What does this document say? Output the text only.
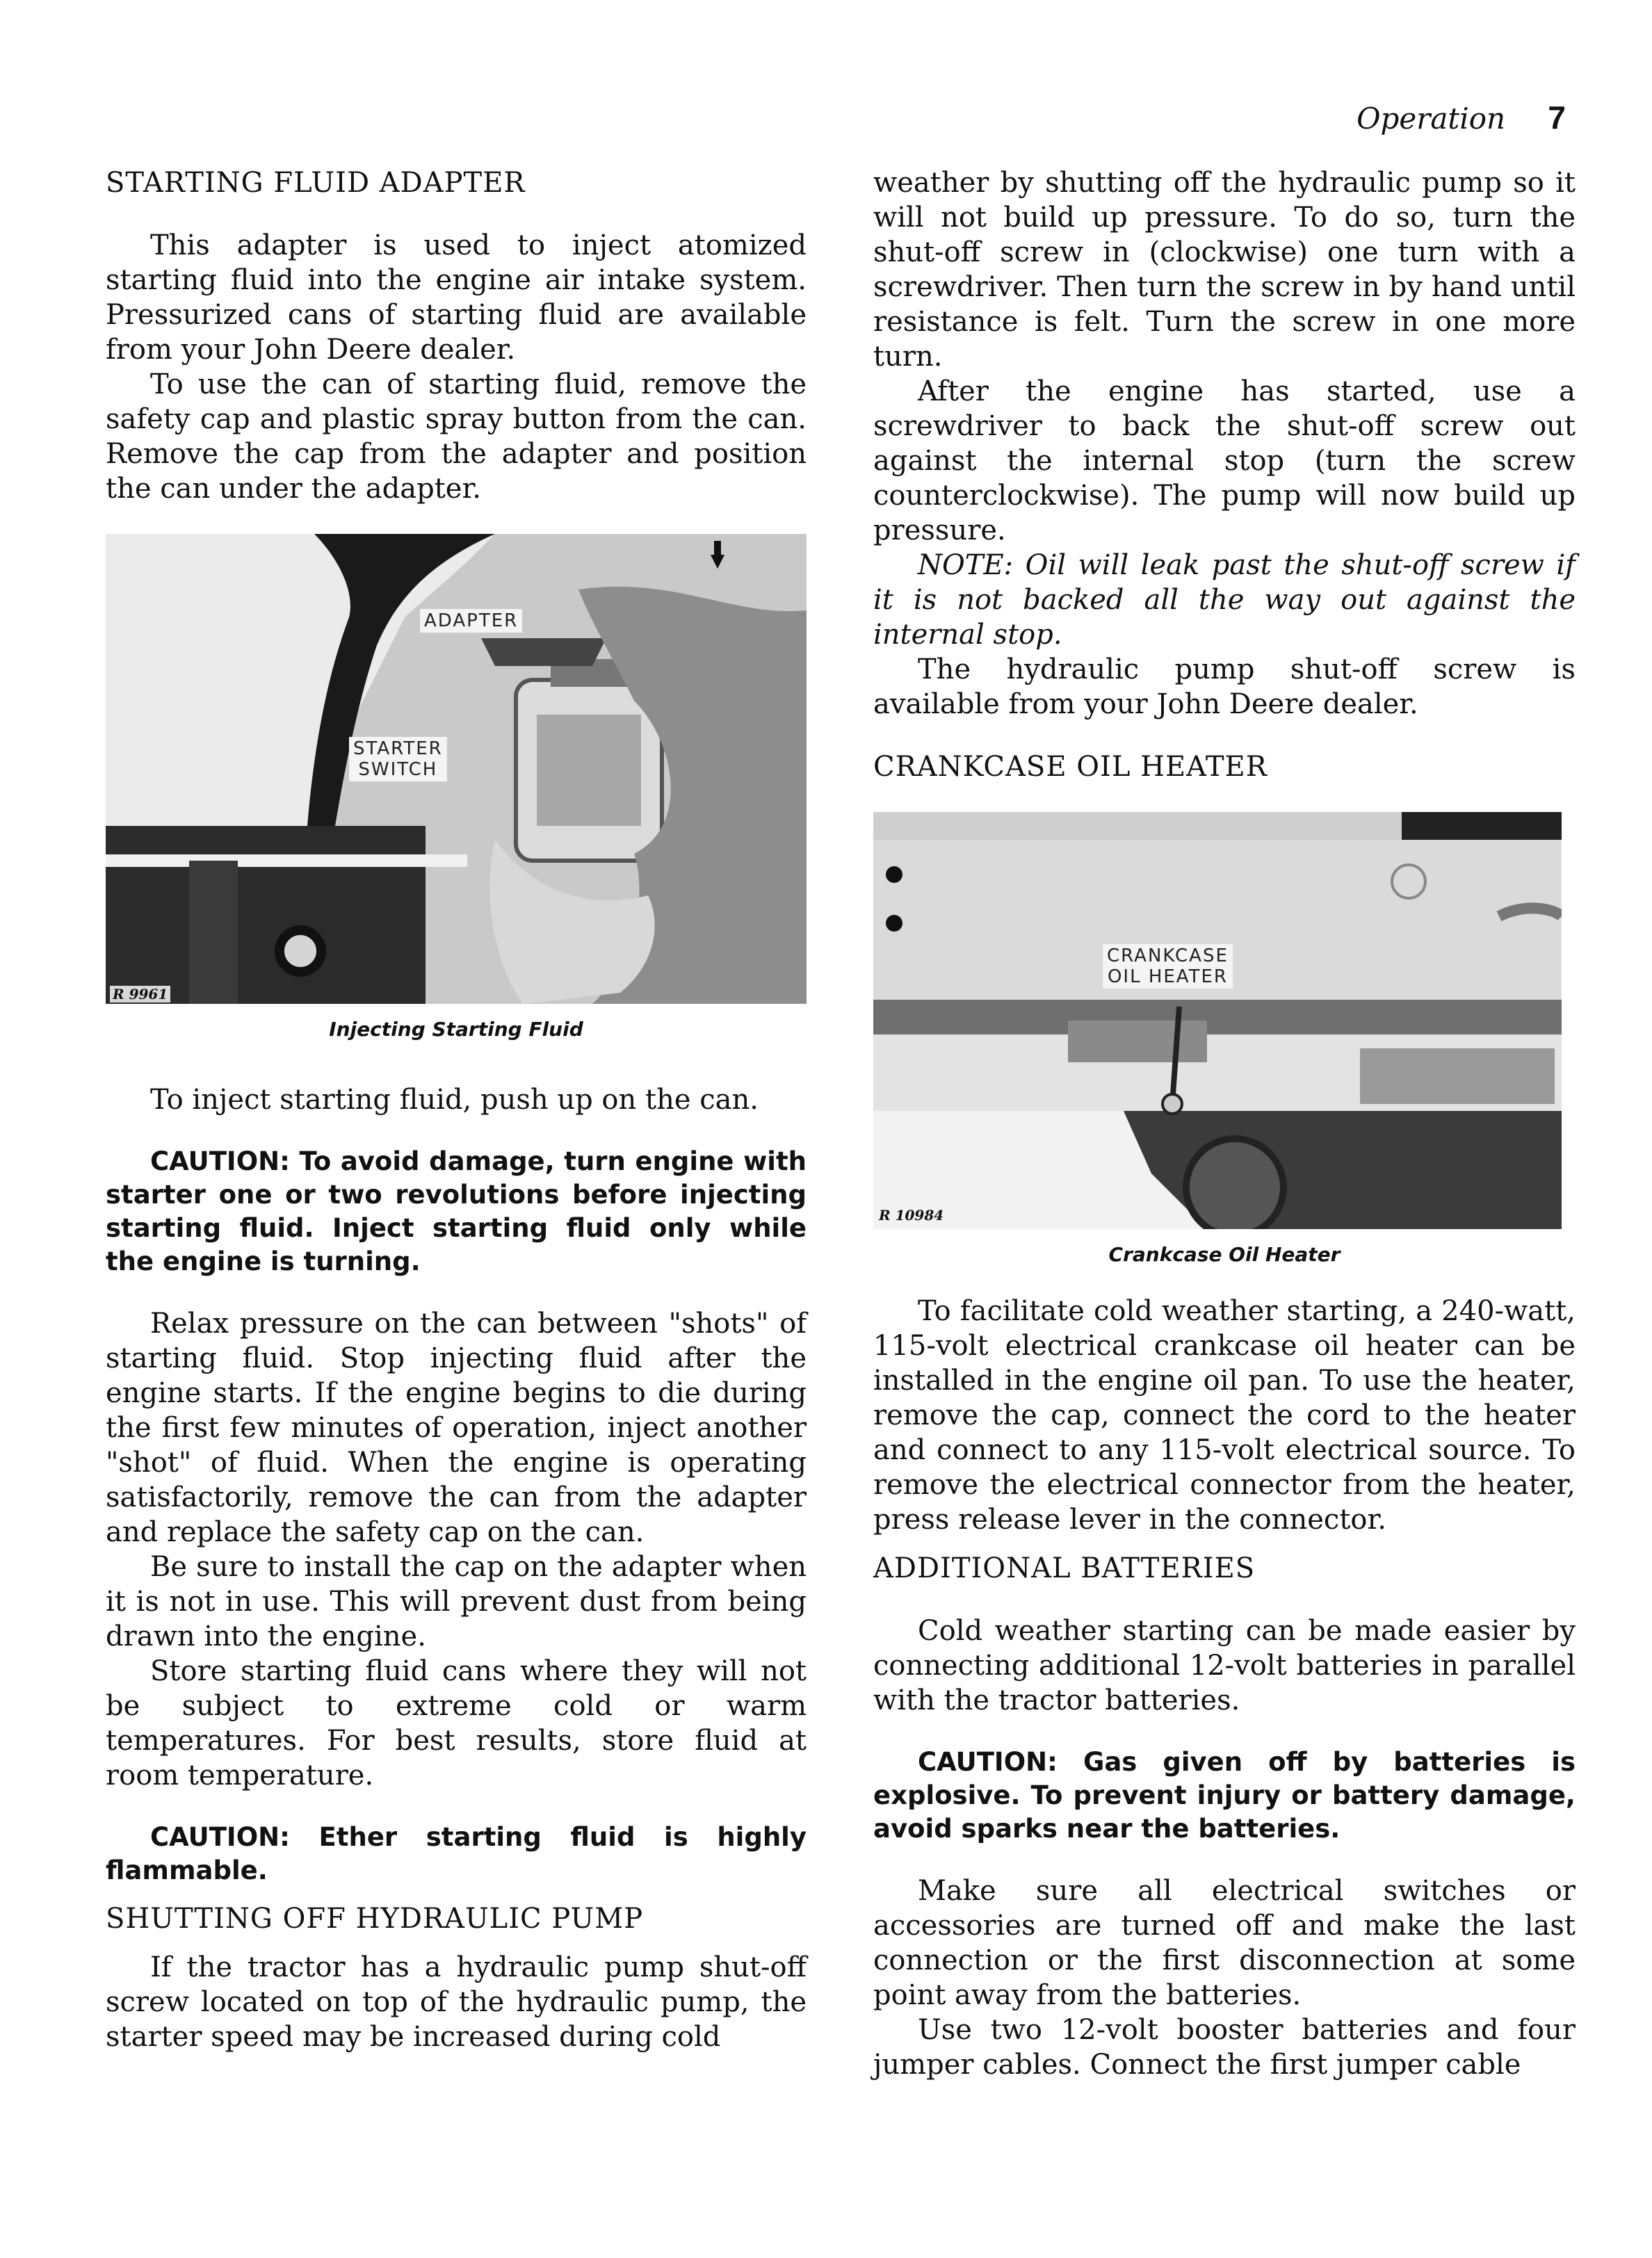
Operation 7
STARTING FLUID ADAPTER

This adapter is used to inject atomized starting fluid into the engine air intake system. Pressurized cans of starting fluid are available from your John Deere dealer.

To use the can of starting fluid, remove the safety cap and plastic spray button from the can. Remove the cap from the adapter and position the can under the adapter.

ADAPTER
STARTER
SWITCH
R 9961
Injecting Starting Fluid

To inject starting fluid, push up on the can.

CAUTION: To avoid damage, turn engine with starter one or two revolutions before injecting starting fluid. Inject starting fluid only while the engine is turning.

Relax pressure on the can between "shots" of starting fluid. Stop injecting fluid after the engine starts. If the engine begins to die during the first few minutes of operation, inject another "shot" of fluid. When the engine is operating satisfactorily, remove the can from the adapter and replace the safety cap on the can.

Be sure to install the cap on the adapter when it is not in use. This will prevent dust from being drawn into the engine.

Store starting fluid cans where they will not be subject to extreme cold or warm temperatures. For best results, store fluid at room temperature.

CAUTION: Ether starting fluid is highly flammable.
SHUTTING OFF HYDRAULIC PUMP

If the tractor has a hydraulic pump shut-off screw located on top of the hydraulic pump, the starter speed may be increased during cold

weather by shutting off the hydraulic pump so it will not build up pressure. To do so, turn the shut-off screw in (clockwise) one turn with a screwdriver. Then turn the screw in by hand until resistance is felt. Turn the screw in one more turn.

After the engine has started, use a screwdriver to back the shut-off screw out against the internal stop (turn the screw counterclockwise). The pump will now build up pressure.

NOTE: Oil will leak past the shut-off screw if it is not backed all the way out against the internal stop.

The hydraulic pump shut-off screw is available from your John Deere dealer.

CRANKCASE OIL HEATER
CRANKCASE
OIL HEATER
R 10984
Crankcase Oil Heater

To facilitate cold weather starting, a 240-watt, 115-volt electrical crankcase oil heater can be installed in the engine oil pan. To use the heater, remove the cap, connect the cord to the heater and connect to any 115-volt electrical source. To remove the electrical connector from the heater, press release lever in the connector.

ADDITIONAL BATTERIES

Cold weather starting can be made easier by connecting additional 12-volt batteries in parallel with the tractor batteries.

CAUTION: Gas given off by batteries is explosive. To prevent injury or battery damage, avoid sparks near the batteries.

Make sure all electrical switches or accessories are turned off and make the last connection or the first disconnection at some point away from the batteries.

Use two 12-volt booster batteries and four jumper cables. Connect the first jumper cable
